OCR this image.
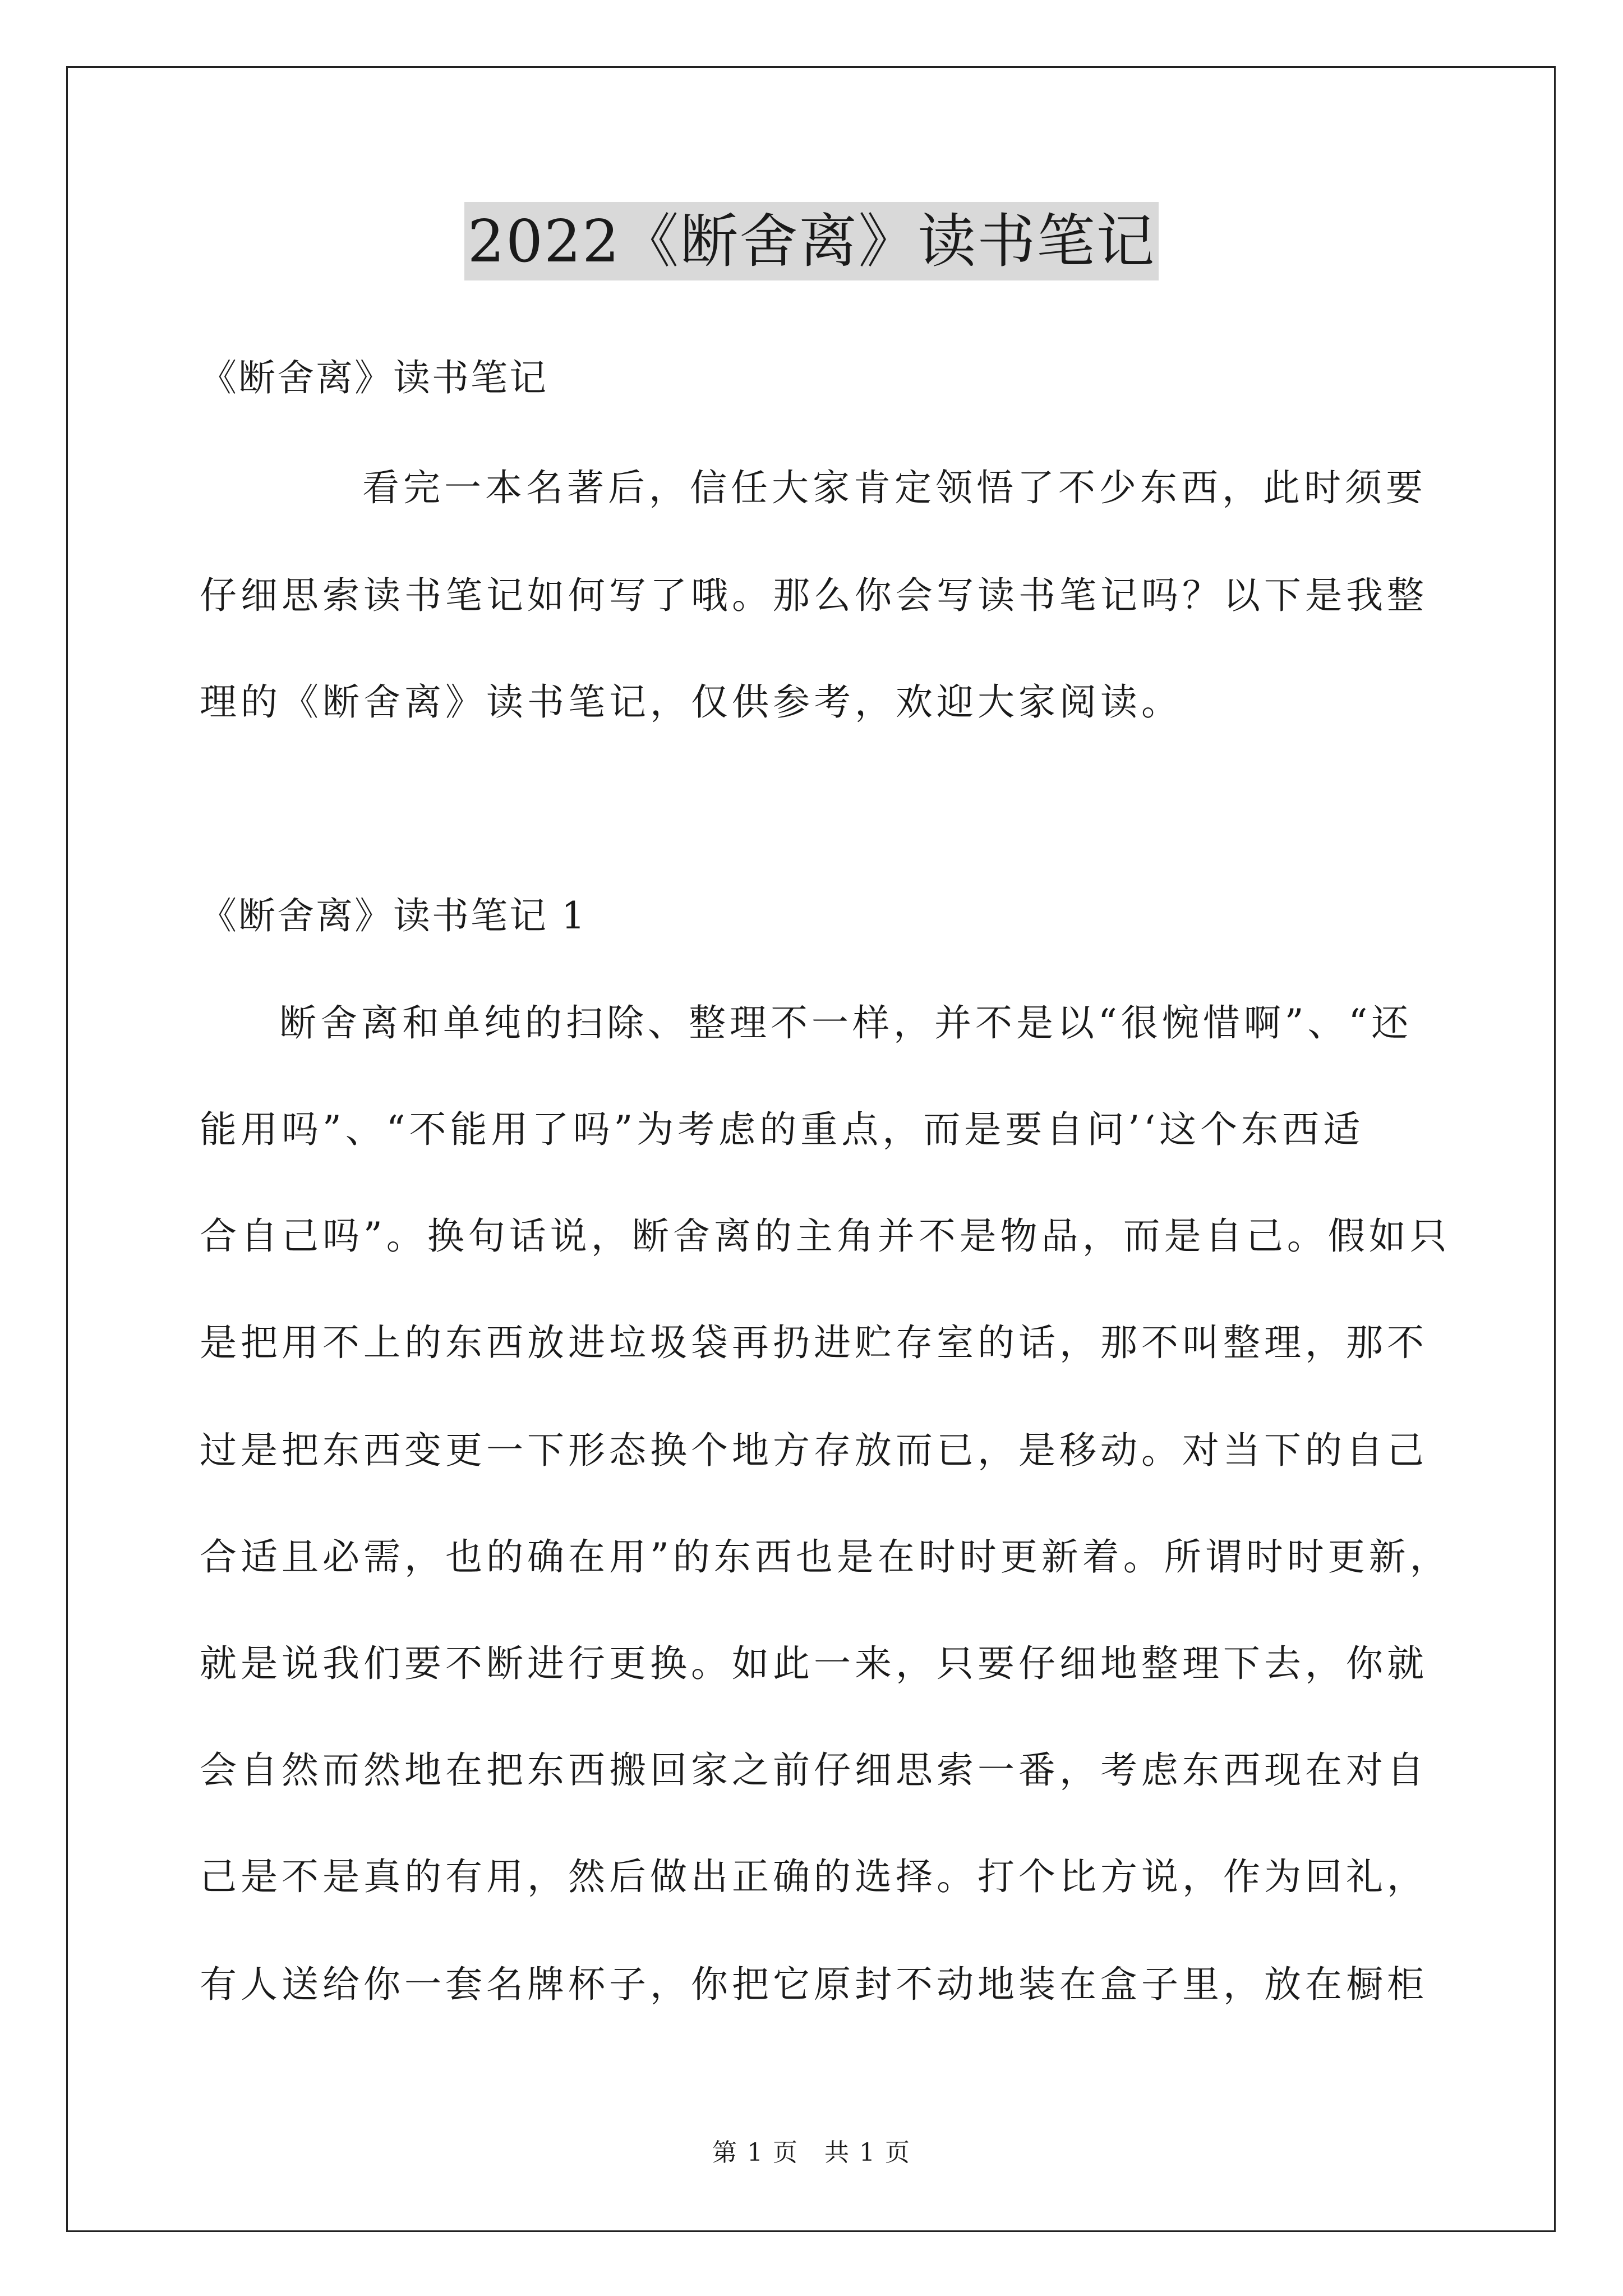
2022《断舍离》读书笔记
《断舍离》读书笔记
看完一本名著后，信任大家肯定领悟了不少东西，此时须要
仔细思索读书笔记如何写了哦。那么你会写读书笔记吗？以下是我整
理的《断舍离》读书笔记，仅供参考，欢迎大家阅读。
《断舍离》读书笔记 1
断舍离和单纯的扫除、整理不一样，并不是以“很惋惜啊”、“还
能用吗”、“不能用了吗”为考虑的重点，而是要自问’‘这个东西适
合自己吗”。换句话说，断舍离的主角并不是物品，而是自己。假如只
是把用不上的东西放进垃圾袋再扔进贮存室的话，那不叫整理，那不
过是把东西变更一下形态换个地方存放而已，是移动。对当下的自己
合适且必需，也的确在用”的东西也是在时时更新着。所谓时时更新，
就是说我们要不断进行更换。如此一来，只要仔细地整理下去，你就
会自然而然地在把东西搬回家之前仔细思索一番，考虑东西现在对自
己是不是真的有用，然后做出正确的选择。打个比方说，作为回礼，
有人送给你一套名牌杯子，你把它原封不动地装在盒子里，放在橱柜
第 1 页　共 1 页
